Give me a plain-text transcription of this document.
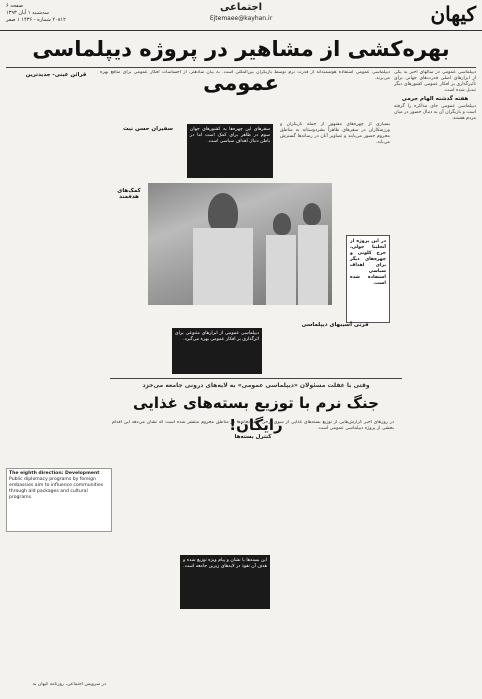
کیهان
اجتماعی
Ejtemaee@kayhan.ir
صفحه ۶
سه‌شنبه ۱ آبان ۱۳۹۳
۲۰۸۱۲ شماره - ۱۴۳۶ ۱ صفر
بهره‌کشی از مشاهیر در پروژه دیپلماسی عمومی	دیپلماسی عمومی در سالهای اخیر به یکی از ابزارهای اصلی قدرت‌های جهانی برای تأثیرگذاری بر افکار عمومی کشورهای دیگر تبدیل شده است.
هفته گذشته الهام جرمی
دیپلماسی عمومی جای مذاکره را گرفته است و بازیگران آن به دنبال حضور در میان مردم هستند.
دیپلماسی عمومی استفاده هوشمندانه از قدرت نرم توسط بازیگران بین‌المللی است. به بیان سادهتر، از احساسات افکار عمومی برای منافع بهره می‌برند.
بسیاری از چهره‌های مشهور از جمله بازیگران و ورزشکاران در سفرهای ظاهراً بشردوستانه به مناطق محروم حضور می‌یابند و تصاویر آنان در رسانه‌ها گسترش می‌یابد.
سفرهای این چهره‌ها به کشورهای جهان سوم در ظاهر برای کمک است اما در باطن دنبال اهداف سیاسی است.
سفیران حسن نیت
در این پروژه از آنجلینا جولی، جرج کلونی و چهره‌های دیگر برای اهداف سیاسی استفاده شده است.
کمک‌های هدفمند
دیپلماسی عمومی از ابزارهای متنوعی برای اثرگذاری بر افکار عمومی بهره می‌گیرد.
قرنی آسیبهای دیپلماسی
قرائن عینی- جدیدترین
وقتی با غفلت مسئولان «دیپلماسی عمومی» به لایه‌های درونی جامعه می‌خزد
جنگ نرم با توزیع بسته‌های غذایی رایگان!
در روزهای اخیر گزارش‌هایی از توزیع بسته‌های غذایی از سوی برخی سفارتخانه‌ها در مناطق محروم منتشر شده است که نشان می‌دهد این اقدام بخشی از پروژه دیپلماسی عمومی است.
کنترل بسته‌ها
این بسته‌ها با نشان و پیام ویژه توزیع شده و هدف آن نفوذ در لایه‌های زیرین جامعه است.
The eighth direction: Development
Public diplomacy programs by foreign embassies aim to influence communities through aid packages and cultural programs.
در سرویس اجتماعی، روزنامه کیهان به
